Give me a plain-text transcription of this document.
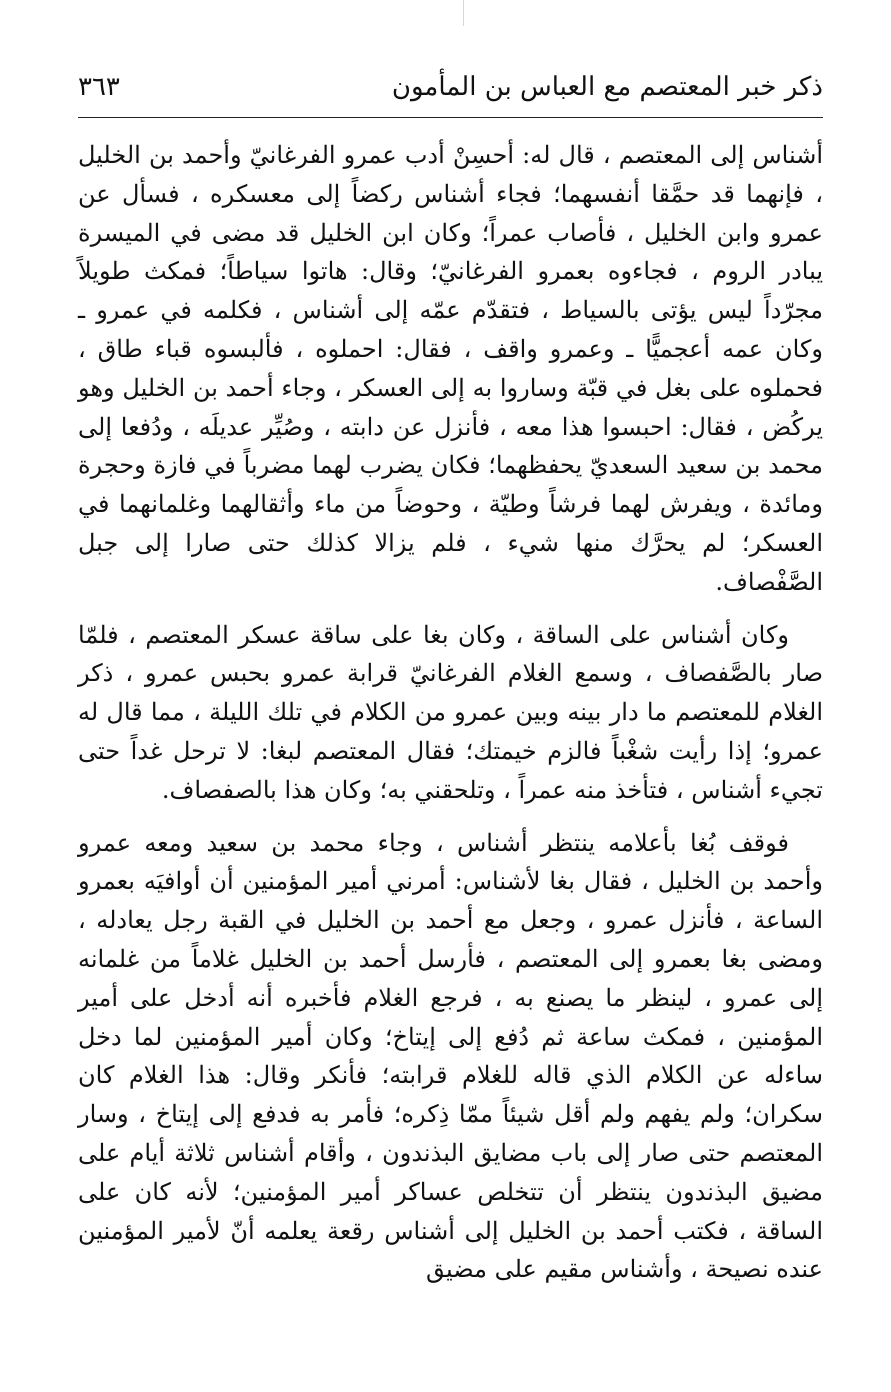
ذكر خبر المعتصم مع العباس بن المأمون
٣٦٣

أشناس إلى المعتصم ، قال له: أحسِنْ أدب عمرو الفرغانيّ وأحمد بن الخليل ، فإنهما قد حمَّقا أنفسهما؛ فجاء أشناس ركضاً إلى معسكره ، فسأل عن عمرو وابن الخليل ، فأصاب عمراً؛ وكان ابن الخليل قد مضى في الميسرة يبادر الروم ، فجاءوه بعمرو الفرغانيّ؛ وقال: هاتوا سياطاً؛ فمكث طويلاً مجرّداً ليس يؤتى بالسياط ، فتقدّم عمّه إلى أشناس ، فكلمه في عمرو ـ وكان عمه أعجميًّا ـ وعمرو واقف ، فقال: احملوه ، فألبسوه قباء طاق ، فحملوه على بغل في قبّة وساروا به إلى العسكر ، وجاء أحمد بن الخليل وهو يركُض ، فقال: احبسوا هذا معه ، فأنزل عن دابته ، وصُيِّر عديلَه ، ودُفعا إلى محمد بن سعيد السعديّ يحفظهما؛ فكان يضرب لهما مضرباً في فازة وحجرة ومائدة ، ويفرش لهما فرشاً وطيّة ، وحوضاً من ماء وأثقالهما وغلمانهما في العسكر؛ لم يحرَّك منها شيء ، فلم يزالا كذلك حتى صارا إلى جبل الصَّفْصاف.

وكان أشناس على الساقة ، وكان بغا على ساقة عسكر المعتصم ، فلمّا صار بالصَّفصاف ، وسمع الغلام الفرغانيّ قرابة عمرو بحبس عمرو ، ذكر الغلام للمعتصم ما دار بينه وبين عمرو من الكلام في تلك الليلة ، مما قال له عمرو؛ إذا رأيت شغْباً فالزم خيمتك؛ فقال المعتصم لبغا: لا ترحل غداً حتى تجيء أشناس ، فتأخذ منه عمراً ، وتلحقني به؛ وكان هذا بالصفصاف.

فوقف بُغا بأعلامه ينتظر أشناس ، وجاء محمد بن سعيد ومعه عمرو وأحمد بن الخليل ، فقال بغا لأشناس: أمرني أمير المؤمنين أن أوافيَه بعمرو الساعة ، فأنزل عمرو ، وجعل مع أحمد بن الخليل في القبة رجل يعادله ، ومضى بغا بعمرو إلى المعتصم ، فأرسل أحمد بن الخليل غلاماً من غلمانه إلى عمرو ، لينظر ما يصنع به ، فرجع الغلام فأخبره أنه أدخل على أمير المؤمنين ، فمكث ساعة ثم دُفع إلى إيتاخ؛ وكان أمير المؤمنين لما دخل ساءله عن الكلام الذي قاله للغلام قرابته؛ فأنكر وقال: هذا الغلام كان سكران؛ ولم يفهم ولم أقل شيئاً ممّا ذِكره؛ فأمر به فدفع إلى إيتاخ ، وسار المعتصم حتى صار إلى باب مضايق البذندون ، وأقام أشناس ثلاثة أيام على مضيق البذندون ينتظر أن تتخلص عساكر أمير المؤمنين؛ لأنه كان على الساقة ، فكتب أحمد بن الخليل إلى أشناس رقعة يعلمه أنّ لأمير المؤمنين عنده نصيحة ، وأشناس مقيم على مضيق
